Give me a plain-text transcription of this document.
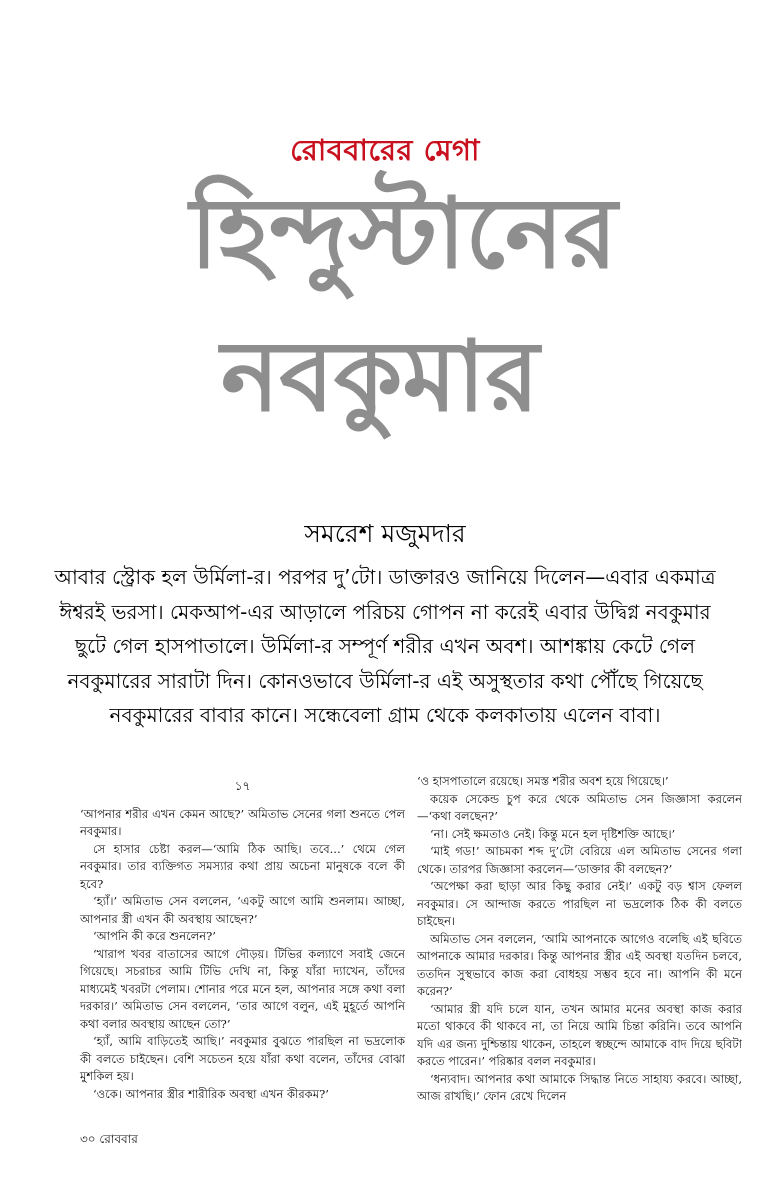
রোববারের মেগা
হিন্দুস্টানের
নবকুমার
সমরেশ মজুমদার
আবার স্ট্রোক হল উর্মিলা-র। পরপর দু’টো। ডাক্তারও জানিয়ে দিলেন—এবার একমাত্র ঈশ্বরই ভরসা। মেকআপ-এর আড়ালে পরিচয় গোপন না করেই এবার উদ্বিগ্ন নবকুমার ছুটে গেল হাসপাতালে। উর্মিলা-র সম্পূর্ণ শরীর এখন অবশ। আশঙ্কায় কেটে গেল নবকুমারের সারাটা দিন। কোনওভাবে উর্মিলা-র এই অসুস্থতার কথা পৌঁছে গিয়েছে নবকুমারের বাবার কানে। সন্ধেবেলা গ্রাম থেকে কলকাতায় এলেন বাবা।
১৭

‘আপনার শরীর এখন কেমন আছে?’ অমিতাভ সেনের গলা শুনতে পেল নবকুমার।

সে হাসার চেষ্টা করল—‘আমি ঠিক আছি। তবে...’ থেমে গেল নবকুমার। তার ব্যক্তিগত সমস্যার কথা প্রায় অচেনা মানুষকে বলে কী হবে?

‘হ্যাঁ।’ অমিতাভ সেন বললেন, ‘একটু আগে আমি শুনলাম। আচ্ছা, আপনার স্ত্রী এখন কী অবস্থায় আছেন?’

‘আপনি কী করে শুনলেন?’

‘খারাপ খবর বাতাসের আগে দৌড়য়। টিভির কল্যাণে সবাই জেনে গিয়েছে। সচরাচর আমি টিভি দেখি না, কিন্তু যাঁরা দ্যাখেন, তাঁদের মাধ্যমেই খবরটা পেলাম। শোনার পরে মনে হল, আপনার সঙ্গে কথা বলা দরকার।’ অমিতাভ সেন বললেন, ‘তার আগে বলুন, এই মুহূর্তে আপনি কথা বলার অবস্থায় আছেন তো?’

‘হ্যাঁ, আমি বাড়িতেই আছি।’ নবকুমার বুঝতে পারছিল না ভদ্রলোক কী বলতে চাইছেন। বেশি সচেতন হয়ে যাঁরা কথা বলেন, তাঁদের বোঝা মুশকিল হয়।

‘ওকে। আপনার স্ত্রীর শারীরিক অবস্থা এখন কীরকম?’

‘ও হাসপাতালে রয়েছে। সমস্ত শরীর অবশ হয়ে গিয়েছে।’

কয়েক সেকেন্ড চুপ করে থেকে অমিতাভ সেন জিজ্ঞাসা করলেন—‘কথা বলছেন?’

‘না। সেই ক্ষমতাও নেই। কিন্তু মনে হল দৃষ্টিশক্তি আছে।’

‘মাই গড!’ আচমকা শব্দ দু’টো বেরিয়ে এল অমিতাভ সেনের গলা থেকে। তারপর জিজ্ঞাসা করলেন—‘ডাক্তার কী বলছেন?’

‘অপেক্ষা করা ছাড়া আর কিছু করার নেই।’ একটু বড় শ্বাস ফেলল নবকুমার। সে আন্দাজ করতে পারছিল না ভদ্রলোক ঠিক কী বলতে চাইছেন।

অমিতাভ সেন বললেন, ‘আমি আপনাকে আগেও বলেছি এই ছবিতে আপনাকে আমার দরকার। কিন্তু আপনার স্ত্রীর এই অবস্থা যতদিন চলবে, ততদিন সুস্থভাবে কাজ করা বোধহয় সম্ভব হবে না। আপনি কী মনে করেন?’

‘আমার স্ত্রী যদি চলে যান, তখন আমার মনের অবস্থা কাজ করার মতো থাকবে কী থাকবে না, তা নিয়ে আমি চিন্তা করিনি। তবে আপনি যদি এর জন্য দুশ্চিন্তায় থাকেন, তাহলে স্বচ্ছন্দে আমাকে বাদ দিয়ে ছবিটা করতে পারেন।’ পরিষ্কার বলল নবকুমার।

‘ধন্যবাদ। আপনার কথা আমাকে সিদ্ধান্ত নিতে সাহায্য করবে। আচ্ছা, আজ রাখছি।’ ফোন রেখে দিলেন

৩০ রোববার
